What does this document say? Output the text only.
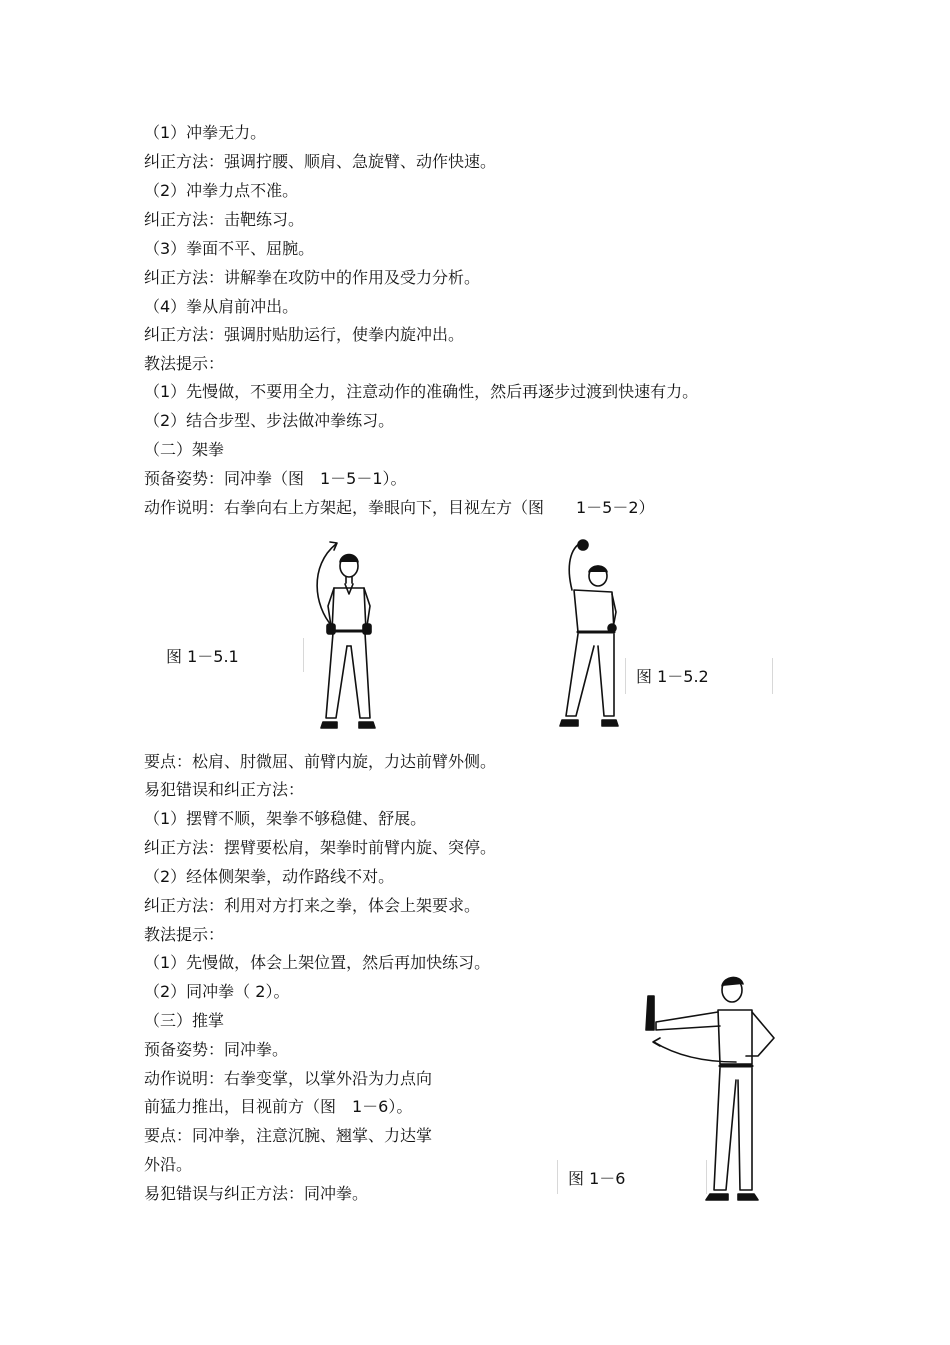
（1）冲拳无力。
纠正方法：强调拧腰、顺肩、急旋臂、动作快速。
（2）冲拳力点不准。
纠正方法：击靶练习。
（3）拳面不平、屈腕。
纠正方法：讲解拳在攻防中的作用及受力分析。
（4）拳从肩前冲出。
纠正方法：强调肘贴肋运行，使拳内旋冲出。
教法提示：
（1）先慢做，不要用全力，注意动作的准确性，然后再逐步过渡到快速有力。
（2）结合步型、步法做冲拳练习。
（二）架拳
预备姿势：同冲拳（图　1－5－1）。
动作说明：右拳向右上方架起，拳眼向下，目视左方（图　　1－5－2）
图 1－5.1
图 1－5.2
要点：松肩、肘微屈、前臂内旋，力达前臂外侧。
易犯错误和纠正方法：
（1）摆臂不顺，架拳不够稳健、舒展。
纠正方法：摆臂要松肩，架拳时前臂内旋、突停。
（2）经体侧架拳，动作路线不对。
纠正方法：利用对方打来之拳，体会上架要求。
教法提示：
（1）先慢做，体会上架位置，然后再加快练习。
（2）同冲拳（ 2）。
（三）推掌
预备姿势：同冲拳。
动作说明：右拳变掌，以掌外沿为力点向
前猛力推出，目视前方（图　1－6）。
要点：同冲拳，注意沉腕、翘掌、力达掌
外沿。
易犯错误与纠正方法：同冲拳。
图 1－6
